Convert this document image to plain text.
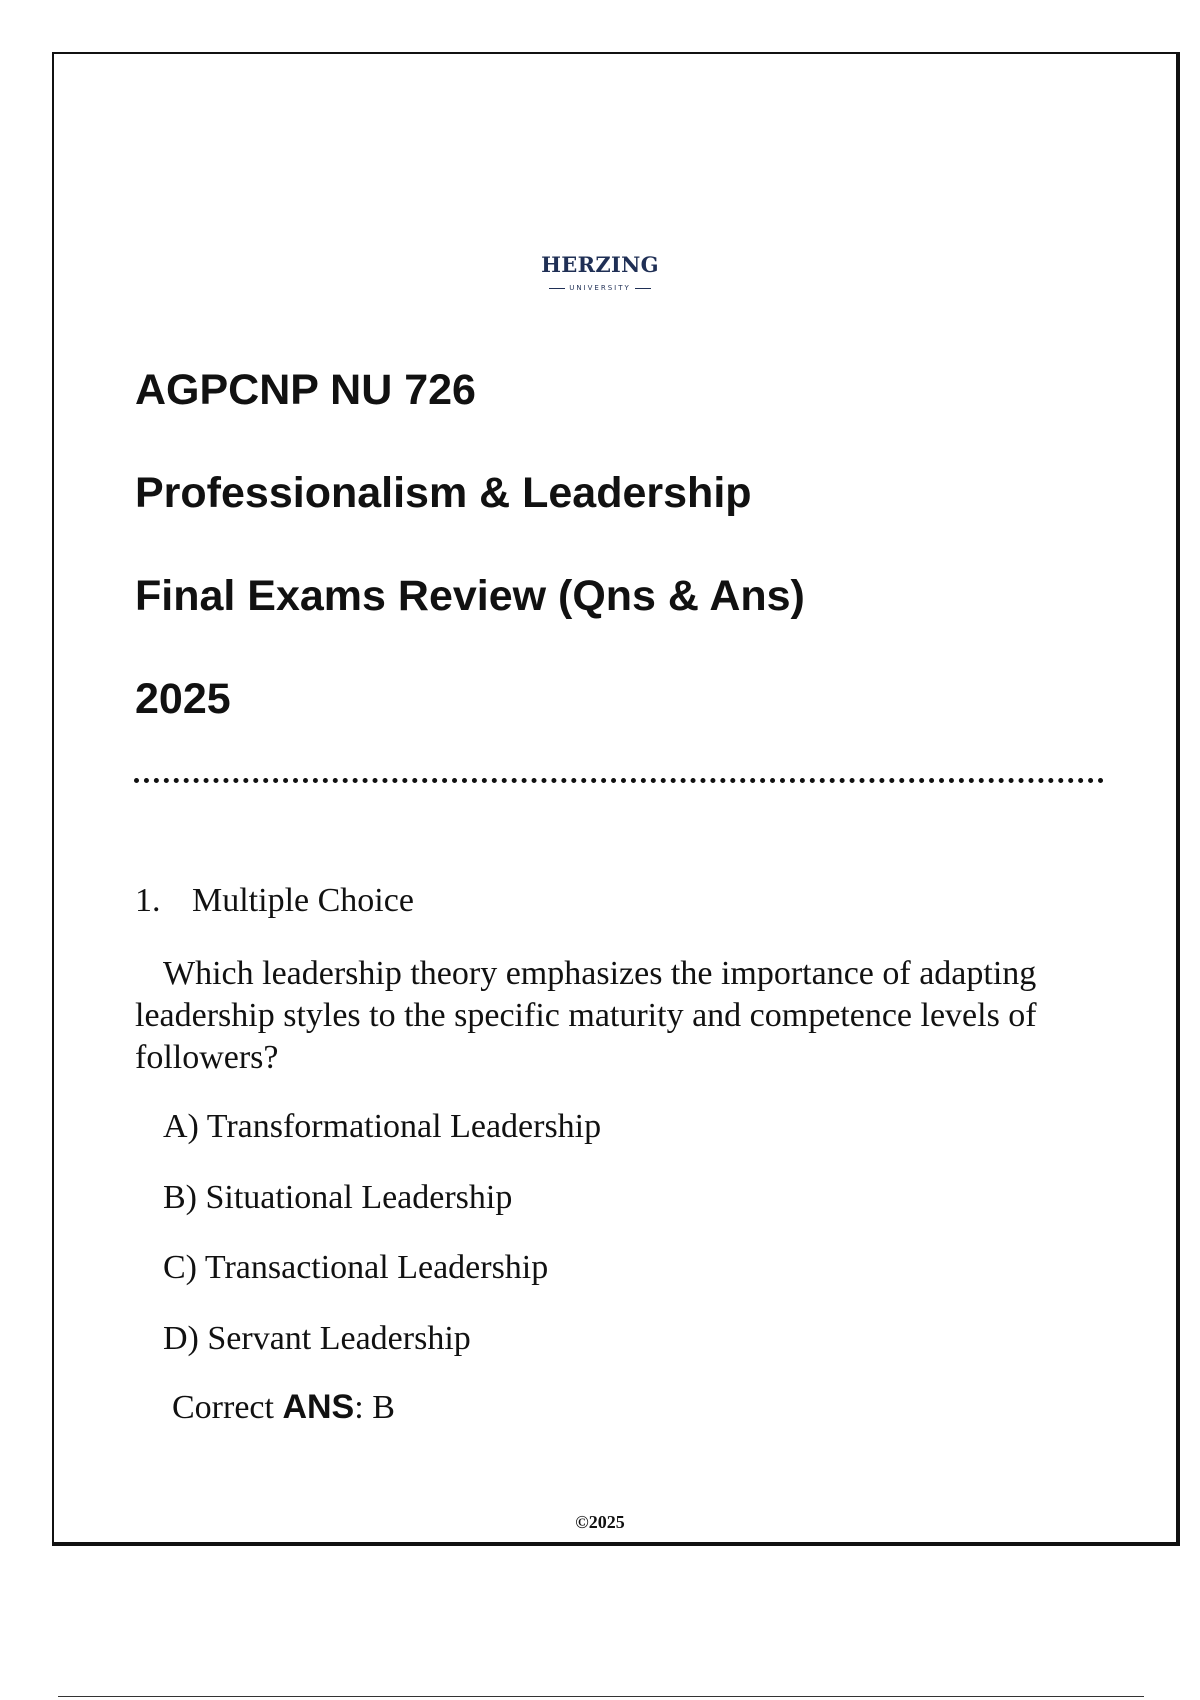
HERZING
UNIVERSITY
AGPCNP NU 726
Professionalism & Leadership
Final Exams Review (Qns & Ans)
2025
1. Multiple Choice

Which leadership theory emphasizes the importance of adapting leadership styles to the specific maturity and competence levels of followers?

A) Transformational Leadership
B) Situational Leadership
C) Transactional Leadership
D) Servant Leadership
Correct ANS: B
©2025
